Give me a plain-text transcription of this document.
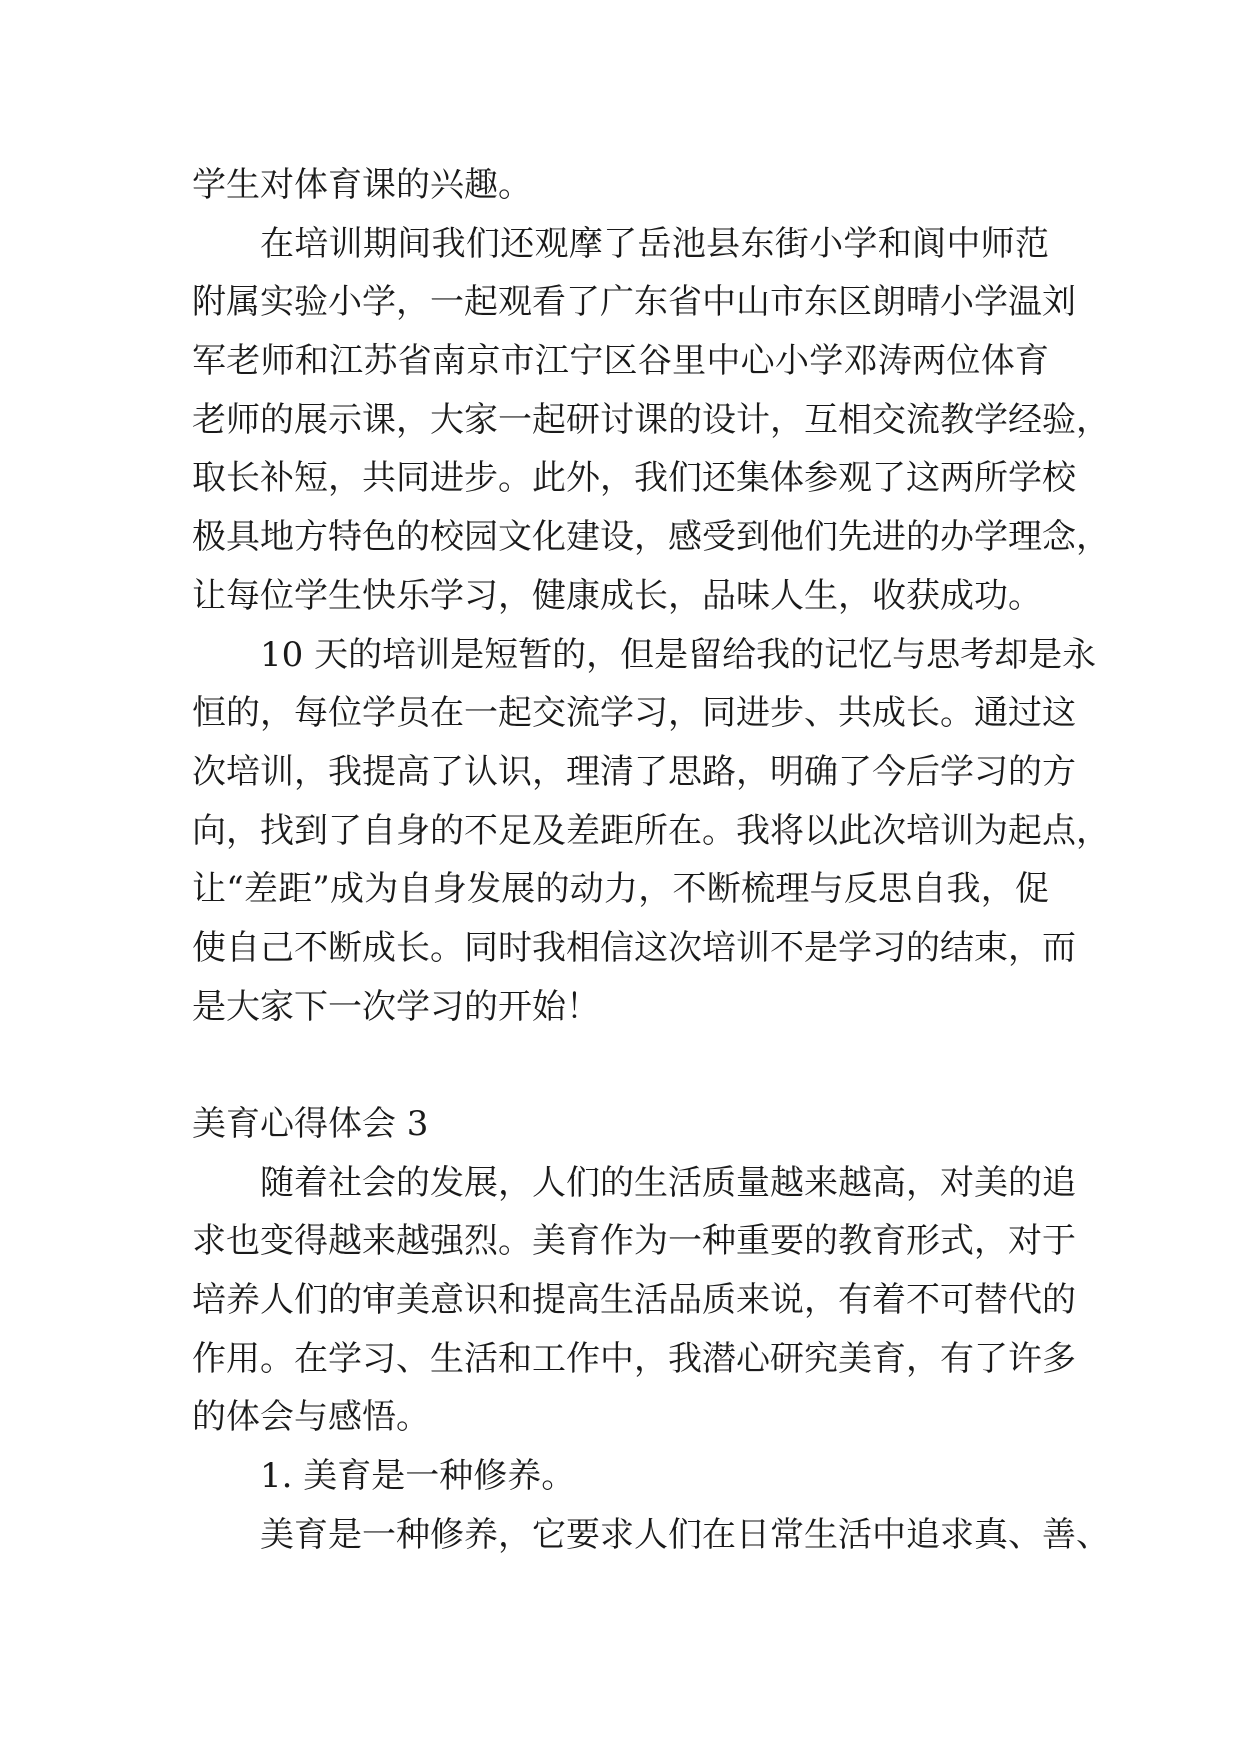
学生对体育课的兴趣。
在培训期间我们还观摩了岳池县东街小学和阆中师范
附属实验小学，一起观看了广东省中山市东区朗晴小学温刘
军老师和江苏省南京市江宁区谷里中心小学邓涛两位体育
老师的展示课，大家一起研讨课的设计，互相交流教学经验，
取长补短，共同进步。此外，我们还集体参观了这两所学校
极具地方特色的校园文化建设，感受到他们先进的办学理念，
让每位学生快乐学习，健康成长，品味人生，收获成功。
10 天的培训是短暂的，但是留给我的记忆与思考却是永
恒的，每位学员在一起交流学习，同进步、共成长。通过这
次培训，我提高了认识，理清了思路，明确了今后学习的方
向，找到了自身的不足及差距所在。我将以此次培训为起点，
让“差距”成为自身发展的动力，不断梳理与反思自我，促
使自己不断成长。同时我相信这次培训不是学习的结束，而
是大家下一次学习的开始！
美育心得体会 3
随着社会的发展，人们的生活质量越来越高，对美的追
求也变得越来越强烈。美育作为一种重要的教育形式，对于
培养人们的审美意识和提高生活品质来说，有着不可替代的
作用。在学习、生活和工作中，我潜心研究美育，有了许多
的体会与感悟。
1. 美育是一种修养。
美育是一种修养，它要求人们在日常生活中追求真、善、
